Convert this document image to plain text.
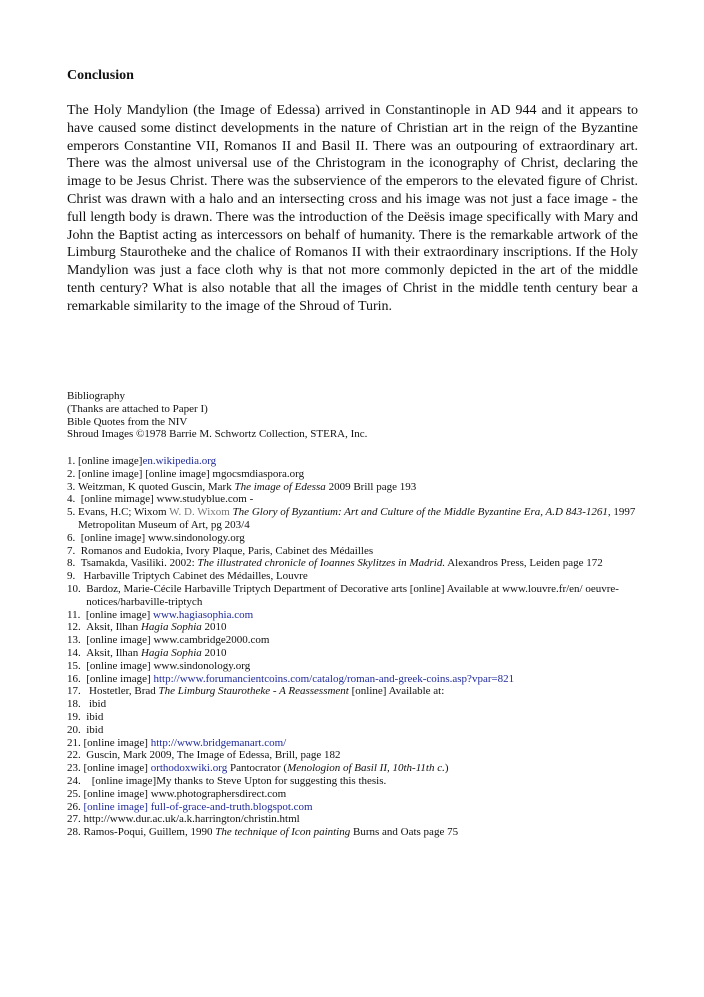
Conclusion
The Holy Mandylion (the Image of Edessa) arrived in Constantinople in AD 944 and it appears to have caused some distinct developments in the nature of Christian art in the reign of the Byzantine emperors Constantine VII, Romanos II and Basil II. There was an outpouring of extraordinary art. There was the almost universal use of the Christogram in the iconography of Christ, declaring the image to be Jesus Christ. There was the subservience of the emperors to the elevated figure of Christ. Christ was drawn with a halo and an intersecting cross and his image was not just a face image - the full length body is drawn. There was the introduction of the Deësis image specifically with Mary and John the Baptist acting as intercessors on behalf of humanity. There is the remarkable artwork of the Limburg Staurotheke and the chalice of Romanos II with their extraordinary inscriptions. If the Holy Mandylion was just a face cloth why is that not more commonly depicted in the art of the middle tenth century? What is also notable that all the images of Christ in the middle tenth century bear a remarkable similarity to the image of the Shroud of Turin.
Bibliography
(Thanks are attached to Paper I)
Bible Quotes from the NIV
Shroud Images ©1978 Barrie M. Schwortz Collection, STERA, Inc.
1. [online image]en.wikipedia.org
2. [online image] [online image] mgocsmdiaspora.org
3. Weitzman, K quoted Guscin, Mark The image of Edessa 2009 Brill page 193
4. [online mimage] www.studyblue.com -
5. Evans, H.C; Wixom W. D. Wixom The Glory of Byzantium: Art and Culture of the Middle Byzantine Era, A.D 843-1261, 1997 Metropolitan Museum of Art, pg 203/4
6. [online image] www.sindonology.org
7. Romanos and Eudokia, Ivory Plaque, Paris, Cabinet des Médailles
8. Tsamakda, Vasiliki. 2002: The illustrated chronicle of Ioannes Skylitzes in Madrid. Alexandros Press, Leiden page 172
9. Harbaville Triptych Cabinet des Médailles, Louvre
10. Bardoz, Marie-Cécile Harbaville Triptych Department of Decorative arts [online] Available at www.louvre.fr/en/ oeuvre-notices/harbaville-triptych
11. [online image] www.hagiasophia.com
12. Aksit, Ilhan Hagia Sophia 2010
13. [online image] www.cambridge2000.com
14. Aksit, Ilhan Hagia Sophia 2010
15. [online image] www.sindonology.org
16. [online image] http://www.forumancientcoins.com/catalog/roman-and-greek-coins.asp?vpar=821
17. Hostetler, Brad The Limburg Staurotheke - A Reassessment [online] Available at:
18. ibid
19. ibid
20. ibid
21. [online image] http://www.bridgemanart.com/
22. Guscin, Mark 2009, The Image of Edessa, Brill, page 182
23. [online image] orthodoxwiki.org Pantocrator (Menologion of Basil II, 10th-11th c.)
24. [online image]My thanks to Steve Upton for suggesting this thesis.
25. [online image] www.photographersdirect.com
26. [online image] full-of-grace-and-truth.blogspot.com
27. http://www.dur.ac.uk/a.k.harrington/christin.html
28. Ramos-Poqui, Guillem, 1990 The technique of Icon painting Burns and Oats page 75
